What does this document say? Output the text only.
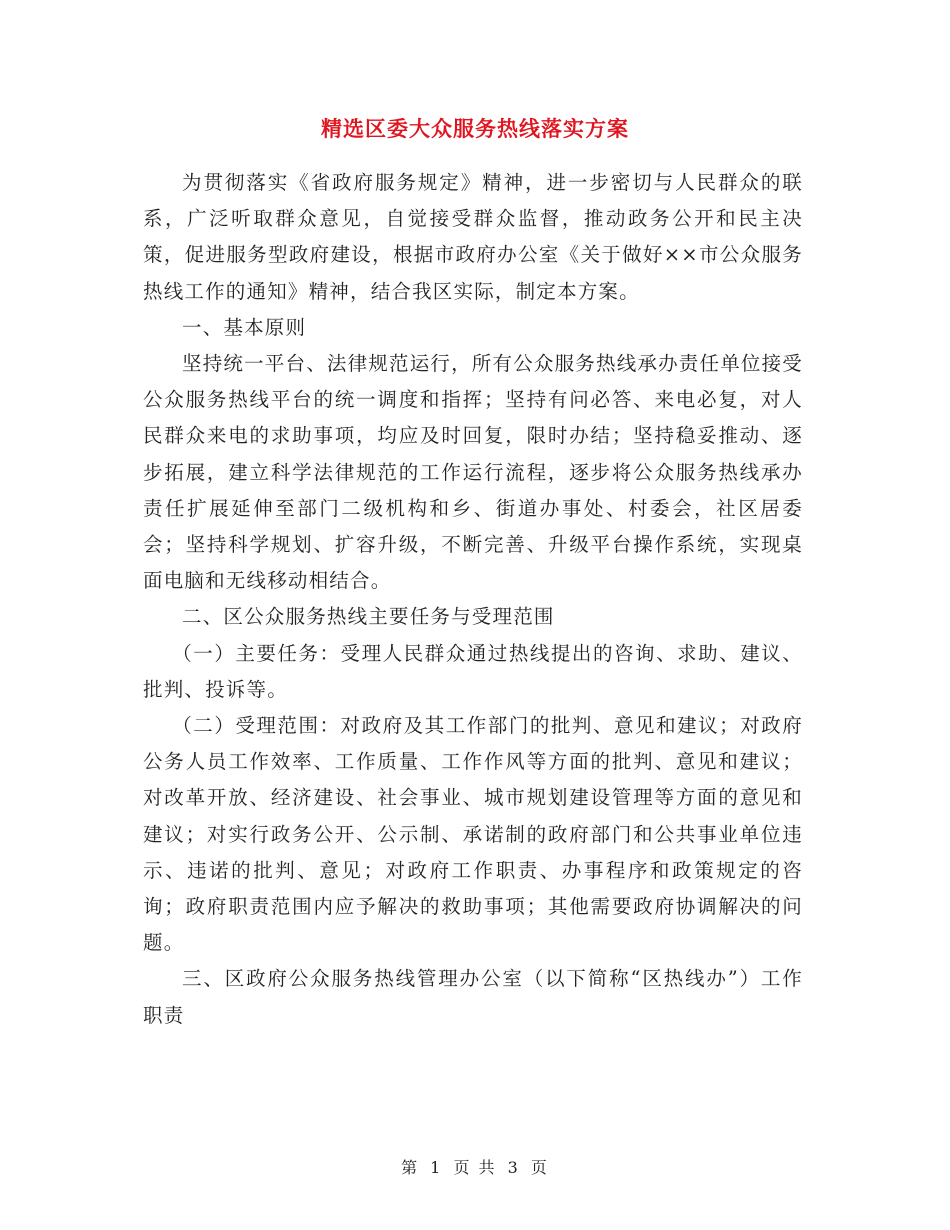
精选区委大众服务热线落实方案

为贯彻落实《省政府服务规定》精神，进一步密切与人民群众的联系，广泛听取群众意见，自觉接受群众监督，推动政务公开和民主决策，促进服务型政府建设，根据市政府办公室《关于做好××市公众服务热线工作的通知》精神，结合我区实际，制定本方案。

一、基本原则

坚持统一平台、法律规范运行，所有公众服务热线承办责任单位接受公众服务热线平台的统一调度和指挥；坚持有问必答、来电必复，对人民群众来电的求助事项，均应及时回复，限时办结；坚持稳妥推动、逐步拓展，建立科学法律规范的工作运行流程，逐步将公众服务热线承办责任扩展延伸至部门二级机构和乡、街道办事处、村委会，社区居委会；坚持科学规划、扩容升级，不断完善、升级平台操作系统，实现桌面电脑和无线移动相结合。

二、区公众服务热线主要任务与受理范围

（一）主要任务：受理人民群众通过热线提出的咨询、求助、建议、批判、投诉等。

（二）受理范围：对政府及其工作部门的批判、意见和建议；对政府公务人员工作效率、工作质量、工作作风等方面的批判、意见和建议；对改革开放、经济建设、社会事业、城市规划建设管理等方面的意见和建议；对实行政务公开、公示制、承诺制的政府部门和公共事业单位违示、违诺的批判、意见；对政府工作职责、办事程序和政策规定的咨询；政府职责范围内应予解决的救助事项；其他需要政府协调解决的问题。

三、区政府公众服务热线管理办公室（以下简称“区热线办”）工作职责

第 1 页 共 3 页
